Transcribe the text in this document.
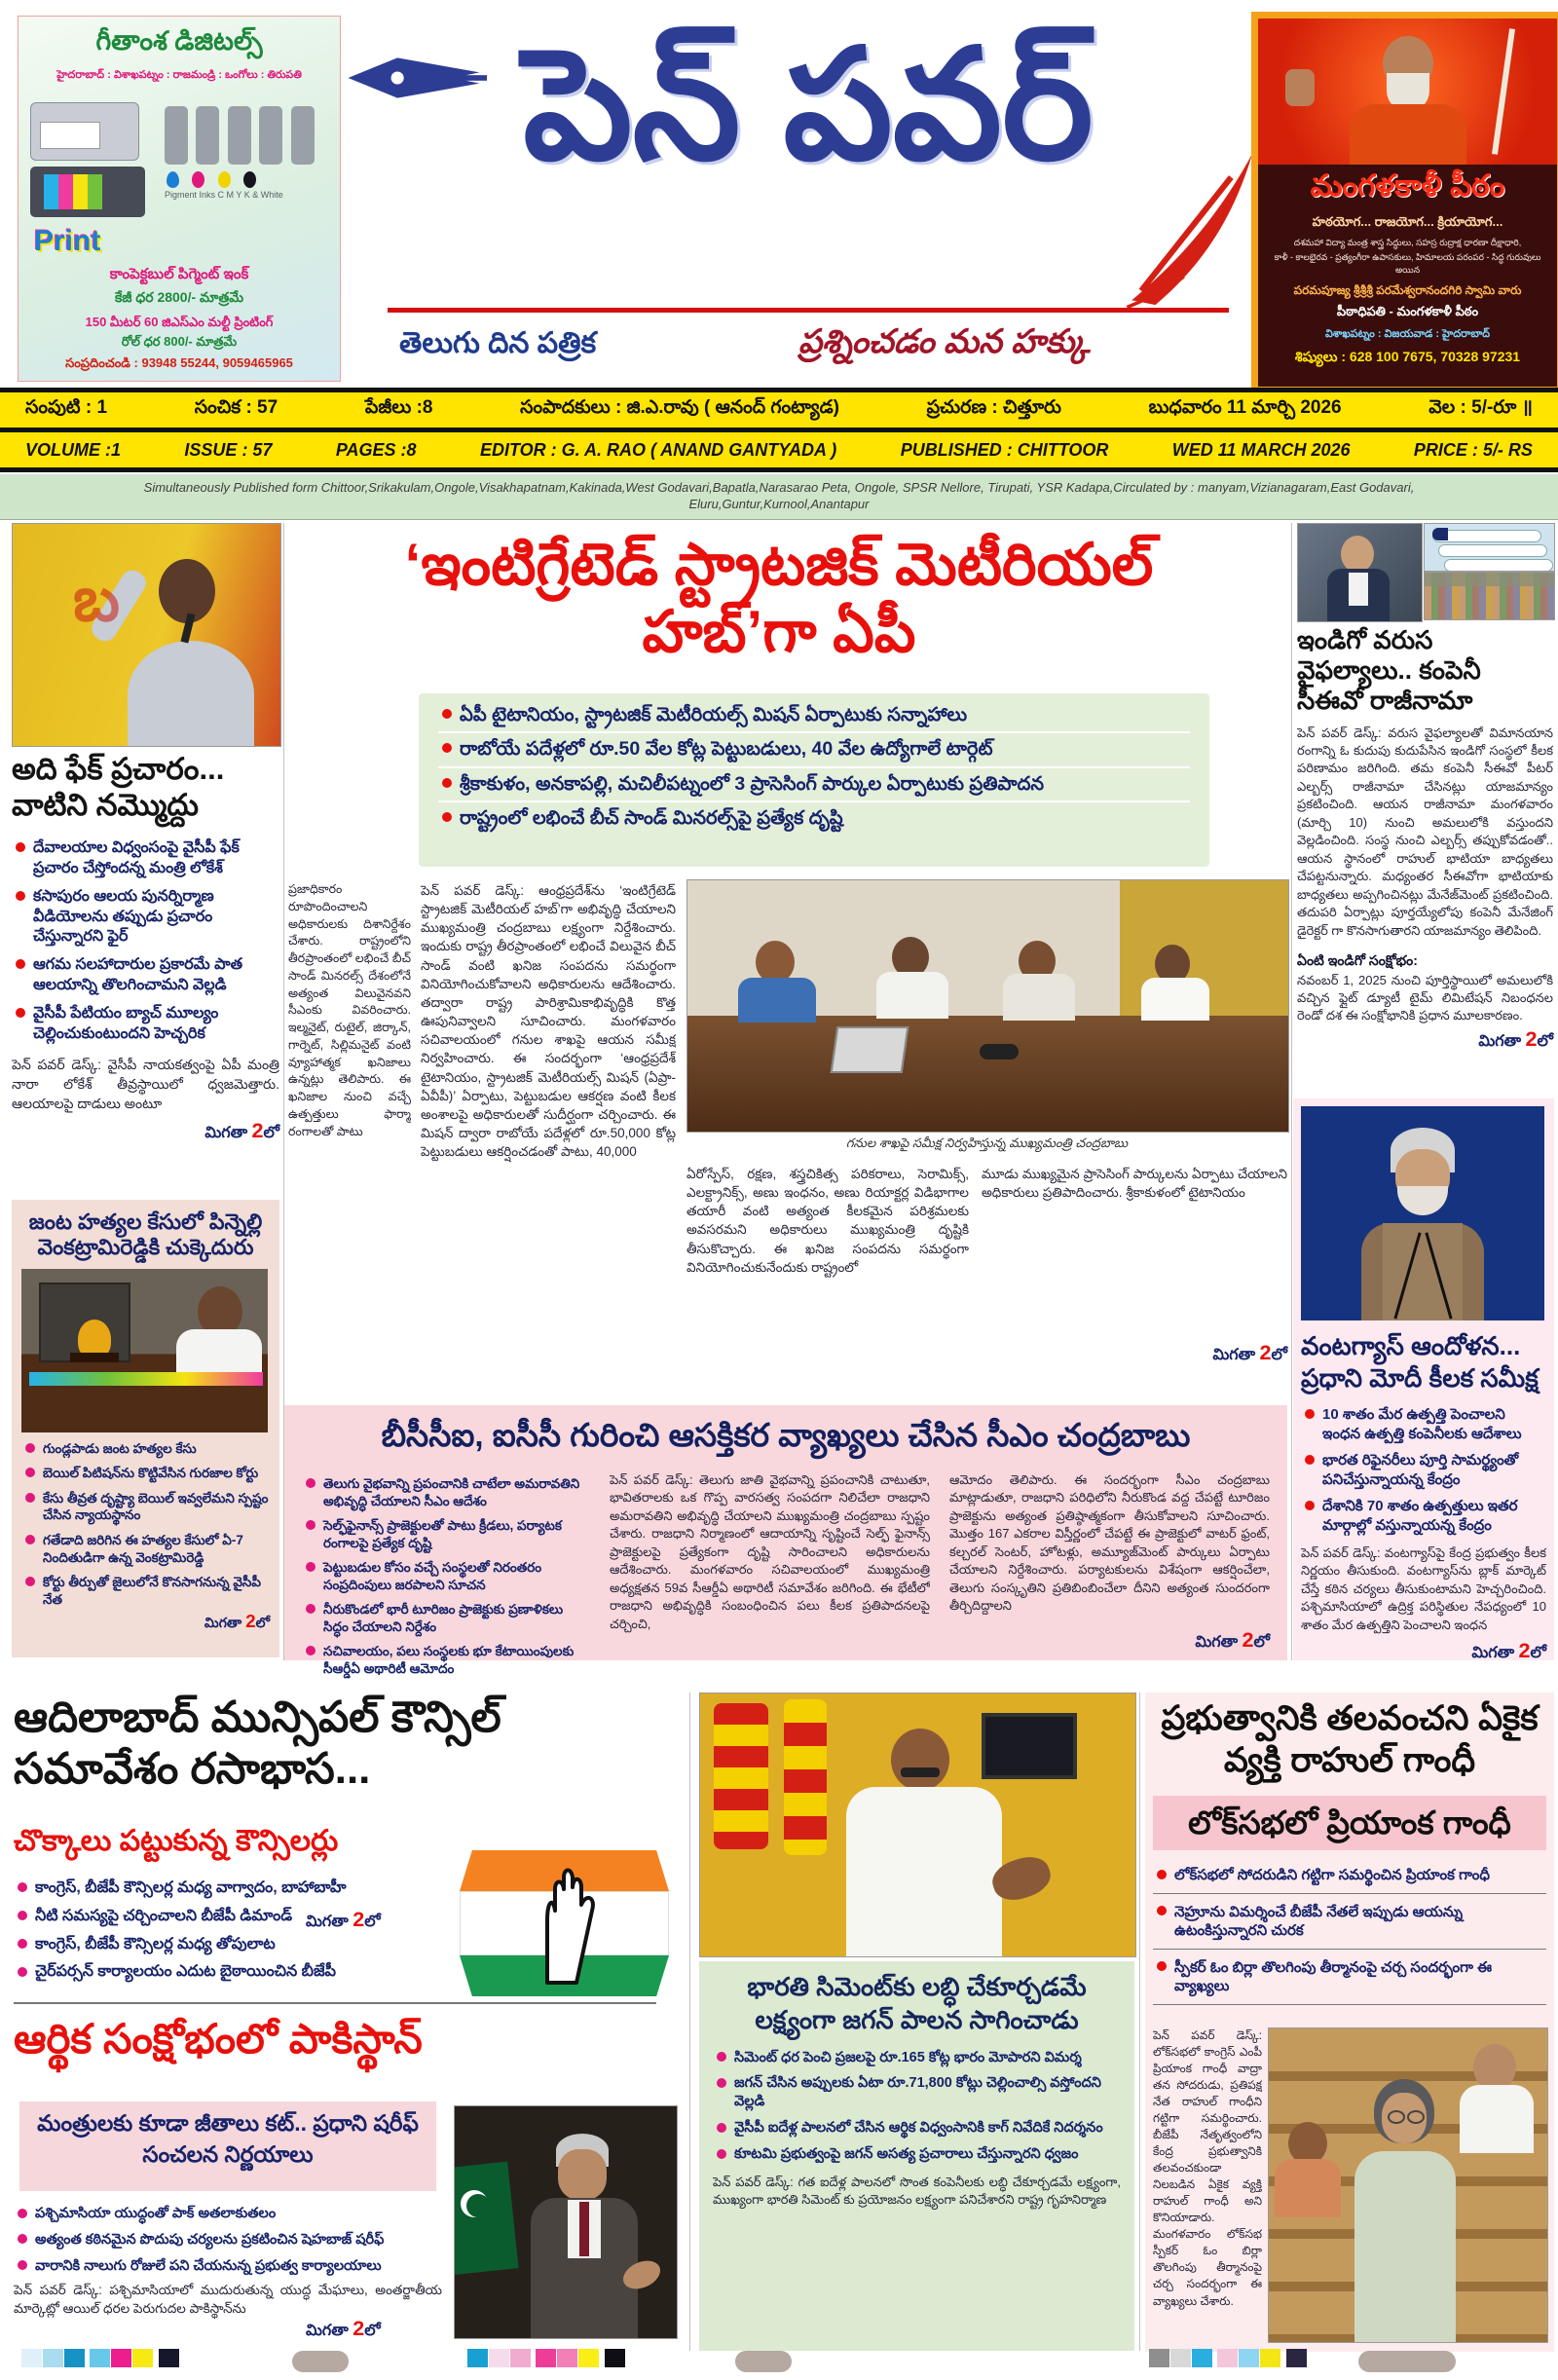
గీతాంశ డిజిటల్స్
హైదరాబాద్ : విశాఖపట్నం : రాజమండ్రి : ఒంగోలు : తిరుపతి

Pigment Inks C M Y K & White
Print
కాంపెక్టబుల్ పిగ్మెంట్ ఇంక్
కేజీ ధర 2800/- మాత్రమే
150 మీటర్ 60 జిఎస్ఎం మల్టీ ప్రింటింగ్
రోల్ ధర 800/- మాత్రమే
సంప్రదించండి : 93948 55244, 9059465965
పెన్ పవర్
తెలుగు దిన పత్రిక	ప్రశ్నించడం మన హక్కు
మంగళకాళీ పీఠం
హఠయోగ... రాజయోగ... క్రియాయోగ...
దశమహా విద్యా మంత్ర శాస్త్ర సిద్ధులు, సహస్ర రుద్రాక్ష ధారణా దీక్షాధారి,
కాళీ - కాలభైరవ - ప్రత్యంగీరా ఉపాసకులు, హిమాలయ పరంపర - సిద్ధ గురువులు అయిన
పరమపూజ్య శ్రీశ్రీశ్రీ పరమేశ్వరానందగిరి స్వామి వారు
పీఠాధిపతి - మంగళకాళీ పీఠం
విశాఖపట్నం : విజయవాడ : హైదరాబాద్
శిష్యులు : 628 100 7675, 70328 97231
సంపుటి : 1	సంచిక : 57	పేజీలు :8	సంపాదకులు : జి.ఎ.రావు ( ఆనంద్ గంట్యాడ)	ప్రచురణ : చిత్తూరు	బుధవారం 11 మార్చి 2026	వెల : 5/-రూ ॥
VOLUME :1	ISSUE : 57	PAGES :8	EDITOR : G. A. RAO ( ANAND GANTYADA )	PUBLISHED : CHITTOOR	WED 11 MARCH 2026	PRICE : 5/- RS

Simultaneously Published form Chittoor,Srikakulam,Ongole,Visakhapatnam,Kakinada,West Godavari,Bapatla,Narasarao Peta, Ongole, SPSR Nellore, Tirupati, YSR Kadapa,Circulated by : manyam,Vizianagaram,East Godavari, Eluru,Guntur,Kurnool,Anantapur

బ
అది ఫేక్ ప్రచారం... వాటిని నమ్మొద్దు
దేవాలయాల విధ్వంసంపై వైసీపీ ఫేక్ ప్రచారం చేస్తోందన్న మంత్రి లోకేశ్
కసాపురం ఆలయ పునర్నిర్మాణ వీడియోలను తప్పుడు ప్రచారం చేస్తున్నారని ఫైర్
ఆగమ సలహాదారుల ప్రకారమే పాత ఆలయాన్ని తొలగించామని వెల్లడి
వైసీపీ పేటియం బ్యాచ్ మూల్యం చెల్లించుకుంటుందని హెచ్చరిక

పెన్ పవర్ డెస్క్: వైసీపీ నాయకత్వంపై ఏపీ మంత్రి నారా లోకేశ్ తీవ్రస్థాయిలో ధ్వజమెత్తారు. ఆలయాలపై దాడులు అంటూ

మిగతా 2లో

జంట హత్యల కేసులో పిన్నెల్లి వెంకట్రామిరెడ్డికి చుక్కెదురు
గుండ్లపాడు జంట హత్యల కేసు
బెయిల్ పిటిషన్‌ను కొట్టివేసిన గురజాల కోర్టు
కేసు తీవ్రత దృష్ట్యా బెయిల్ ఇవ్వలేమని స్పష్టం చేసిన న్యాయస్థానం
గతేడాది జరిగిన ఈ హత్యల కేసులో ఏ-7 నిందితుడిగా ఉన్న వెంకట్రామిరెడ్డి
కోర్టు తీర్పుతో జైలులోనే కొనసాగనున్న వైసీపీ నేత

మిగతా 2లో

‘ఇంటిగ్రేటెడ్ స్ట్రాటజిక్ మెటీరియల్ హబ్’గా ఏపీ
ఏపీ టైటానియం, స్ట్రాటజిక్ మెటీరియల్స్ మిషన్ ఏర్పాటుకు సన్నాహాలు
రాబోయే పదేళ్లలో రూ.50 వేల కోట్ల పెట్టుబడులు, 40 వేల ఉద్యోగాలే టార్గెట్
శ్రీకాకుళం, అనకాపల్లి, మచిలీపట్నంలో 3 ప్రాసెసింగ్ పార్కుల ఏర్పాటుకు ప్రతిపాదన
రాష్ట్రంలో లభించే బీచ్ సాండ్ మినరల్స్‌పై ప్రత్యేక దృష్టి
గనుల శాఖపై సమీక్ష నిర్వహిస్తున్న ముఖ్యమంత్రి చంద్రబాబు

ప్రజాధికారం రూపొందించాలని అధికారులకు దిశానిర్దేశం చేశారు. రాష్ట్రంలోని తీరప్రాంతంలో లభించే బీచ్ సాండ్ మినరల్స్ దేశంలోనే అత్యంత విలువైనవని సీఎంకు వివరించారు. ఇల్మనైట్, రుటైల్, జిర్కాన్, గార్నెట్, సిల్లిమనైట్ వంటి వ్యూహాత్మక ఖనిజాలు ఉన్నట్లు తెలిపారు. ఈ ఖనిజాల నుంచి వచ్చే ఉత్పత్తులు ఫార్మా రంగాలతో పాటు

పెన్ పవర్ డెస్క్: ఆంధ్రప్రదేశ్‌ను ‘ఇంటిగ్రేటెడ్ స్ట్రాటజిక్ మెటీరియల్ హబ్’గా అభివృద్ధి చేయాలని ముఖ్యమంత్రి చంద్రబాబు లక్ష్యంగా నిర్దేశించారు. ఇందుకు రాష్ట్ర తీరప్రాంతంలో లభించే విలువైన బీచ్ సాండ్ వంటి ఖనిజ సంపదను సమర్థంగా వినియోగించుకోవాలని అధికారులను ఆదేశించారు. తద్వారా రాష్ట్ర పారిశ్రామికాభివృద్ధికి కొత్త ఊపునివ్వాలని సూచించారు. మంగళవారం సచివాలయంలో గనుల శాఖపై ఆయన సమీక్ష నిర్వహించారు. ఈ సందర్భంగా ‘ఆంధ్రప్రదేశ్ టైటానియం, స్ట్రాటజిక్ మెటీరియల్స్ మిషన్ (ఏప్రా-ఏవీపీ)’ ఏర్పాటు, పెట్టుబడుల ఆకర్షణ వంటి కీలక అంశాలపై అధికారులతో సుదీర్ఘంగా చర్చించారు. ఈ మిషన్ ద్వారా రాబోయే పదేళ్లలో రూ.50,000 కోట్ల పెట్టుబడులు ఆకర్షించడంతో పాటు, 40,000

ఏరోస్పేస్, రక్షణ, శస్త్రచికిత్స పరికరాలు, సెరామిక్స్, ఎలక్ట్రానిక్స్, అణు ఇంధనం, అణు రియాక్టర్ల విడిభాగాల తయారీ వంటి అత్యంత కీలకమైన పరిశ్రమలకు అవసరమని అధికారులు ముఖ్యమంత్రి దృష్టికి తీసుకొచ్చారు. ఈ ఖనిజ సంపదను సమర్థంగా వినియోగించుకునేందుకు రాష్ట్రంలో

మూడు ముఖ్యమైన ప్రాసెసింగ్ పార్కులను ఏర్పాటు చేయాలని అధికారులు ప్రతిపాదించారు. శ్రీకాకుళంలో టైటానియం

మిగతా 2లో

బీసీసీఐ, ఐసీసీ గురించి ఆసక్తికర వ్యాఖ్యలు చేసిన సీఎం చంద్రబాబు
తెలుగు వైభవాన్ని ప్రపంచానికి చాటేలా అమరావతిని అభివృద్ధి చేయాలని సీఎం ఆదేశం
సెల్ఫ్‌ఫైనాన్స్ ప్రాజెక్టులతో పాటు క్రీడలు, పర్యాటక రంగాలపై ప్రత్యేక దృష్టి
పెట్టుబడుల కోసం వచ్చే సంస్థలతో నిరంతరం సంప్రదింపులు జరపాలని సూచన
నీరుకొండలో భారీ టూరిజం ప్రాజెక్టుకు ప్రణాళికలు సిద్ధం చేయాలని నిర్దేశం
సచివాలయం, పలు సంస్థలకు భూ కేటాయింపులకు సీఆర్డీఏ అథారిటీ ఆమోదం

పెన్ పవర్ డెస్క్: తెలుగు జాతి వైభవాన్ని ప్రపంచానికి చాటుతూ, భావితరాలకు ఒక గొప్ప వారసత్వ సంపదగా నిలిచేలా రాజధాని అమరావతిని అభివృద్ధి చేయాలని ముఖ్యమంత్రి చంద్రబాబు స్పష్టం చేశారు. రాజధాని నిర్మాణంలో ఆదాయాన్ని సృష్టించే సెల్ఫ్ ఫైనాన్స్ ప్రాజెక్టులపై ప్రత్యేకంగా దృష్టి సారించాలని అధికారులను ఆదేశించారు. మంగళవారం సచివాలయంలో ముఖ్యమంత్రి అధ్యక్షతన 59వ సీఆర్డీఏ అథారిటీ సమావేశం జరిగింది. ఈ భేటీలో రాజధాని అభివృద్ధికి సంబంధించిన పలు కీలక ప్రతిపాదనలపై చర్చించి,

ఆమోదం తెలిపారు. ఈ సందర్భంగా సీఎం చంద్రబాబు మాట్లాడుతూ, రాజధాని పరిధిలోని నీరుకొండ వద్ద చేపట్టే టూరిజం ప్రాజెక్టును అత్యంత ప్రతిష్ఠాత్మకంగా తీసుకోవాలని సూచించారు. మొత్తం 167 ఎకరాల విస్తీర్ణంలో చేపట్టే ఈ ప్రాజెక్టులో వాటర్ ఫ్రంట్, కల్చరల్ సెంటర్, హోటళ్లు, అమ్యూజ్‌మెంట్ పార్కులు ఏర్పాటు చేయాలని నిర్దేశించారు. పర్యాటకులను విశేషంగా ఆకర్షించేలా, తెలుగు సంస్కృతిని ప్రతిబింబించేలా దీనిని అత్యంత సుందరంగా తీర్చిదిద్దాలని

మిగతా 2లో

ఇండిగో వరుస వైఫల్యాలు.. కంపెనీ సీఈవో రాజీనామా

పెన్ పవర్ డెస్క్: వరుస వైఫల్యాలతో విమానయాన రంగాన్ని ఓ కుదుపు కుదుపేసిన ఇండిగో సంస్థలో కీలక పరిణామం జరిగింది. తమ కంపెనీ సీఈవో పీటర్ ఎల్బర్స్ రాజీనామా చేసినట్లు యాజమాన్యం ప్రకటించింది. ఆయన రాజీనామా మంగళవారం (మార్చి 10) నుంచి అమలులోకి వస్తుందని వెల్లడించింది. సంస్థ నుంచి ఎల్బర్స్ తప్పుకోవడంతో.. ఆయన స్థానంలో రాహుల్ భాటియా బాధ్యతలు చేపట్టనున్నారు. మధ్యంతర సీఈవోగా భాటియాకు బాధ్యతలు అప్పగించినట్లు మేనేజ్‌మెంట్ ప్రకటించింది. తదుపరి ఏర్పాట్లు పూర్తయ్యేలోపు కంపెనీ మేనేజింగ్ డైరెక్టర్ గా కొనసాగుతారని యాజమాన్యం తెలిపింది.

ఏంటి ఇండిగో సంక్షోభం:

నవంబర్ 1, 2025 నుంచి పూర్తిస్థాయిలో అమలులోకి వచ్చిన ఫ్లైట్ డ్యూటీ టైమ్ లిమిటేషన్ నిబంధనల రెండో దశ ఈ సంక్షోభానికి ప్రధాన మూలకారణం.

మిగతా 2లో

వంటగ్యాస్ ఆందోళన... ప్రధాని మోదీ కీలక సమీక్ష
10 శాతం మేర ఉత్పత్తి పెంచాలని ఇంధన ఉత్పత్తి కంపెనీలకు ఆదేశాలు
భారత రిఫైనరీలు పూర్తి సామర్థ్యంతో పనిచేస్తున్నాయన్న కేంద్రం
దేశానికి 70 శాతం ఉత్పత్తులు ఇతర మార్గాల్లో వస్తున్నాయన్న కేంద్రం

పెన్ పవర్ డెస్క్: వంటగ్యాస్‌పై కేంద్ర ప్రభుత్వం కీలక నిర్ణయం తీసుకుంది. వంటగ్యాస్‌ను బ్లాక్ మార్కెట్ చేస్తే కఠిన చర్యలు తీసుకుంటామని హెచ్చరించింది. పశ్చిమాసియాలో ఉద్రిక్త పరిస్థితుల నేపధ్యంలో 10 శాతం మేర ఉత్పత్తిని పెంచాలని ఇంధన

మిగతా 2లో

ఆదిలాబాద్ మున్సిపల్ కౌన్సిల్ సమావేశం రసాభాస...
చొక్కాలు పట్టుకున్న కౌన్సిలర్లు
కాంగ్రెస్, బీజేపీ కౌన్సిలర్ల మధ్య వాగ్వాదం, బాహాబాహీ
నీటి సమస్యపై చర్చించాలని బీజేపీ డిమాండ్
కాంగ్రెస్, బీజేపీ కౌన్సిలర్ల మధ్య తోపులాట
చైర్‌పర్సన్ కార్యాలయం ఎదుట బైఠాయించిన బీజేపీ

మిగతా 2లో

ఆర్థిక సంక్షోభంలో పాకిస్థాన్
మంత్రులకు కూడా జీతాలు కట్.. ప్రధాని షరీఫ్ సంచలన నిర్ణయాలు
పశ్చిమాసియా యుద్ధంతో పాక్ అతలాకుతలం
అత్యంత కఠినమైన పొదుపు చర్యలను ప్రకటించిన షెహబాజ్ షరీఫ్
వారానికి నాలుగు రోజులే పని చేయనున్న ప్రభుత్వ కార్యాలయాలు

పెన్ పవర్ డెస్క్: పశ్చిమాసియాలో ముదురుతున్న యుద్ధ మేఘాలు, అంతర్జాతీయ మార్కెట్లో ఆయిల్ ధరల పెరుగుదల పాకిస్థాన్‌ను

మిగతా 2లో

భారతి సిమెంట్‌కు లబ్ధి చేకూర్చడమే లక్ష్యంగా జగన్ పాలన సాగించాడు
సిమెంట్ ధర పెంచి ప్రజలపై రూ.165 కోట్ల భారం మోపారని విమర్శ
జగన్ చేసిన అప్పులకు ఏటా రూ.71,800 కోట్లు చెల్లించాల్సి వస్తోందని వెల్లడి
వైసీపీ ఐదేళ్ల పాలనలో చేసిన ఆర్థిక విధ్వంసానికి కాగ్ నివేదికే నిదర్శనం
కూటమి ప్రభుత్వంపై జగన్ అసత్య ప్రచారాలు చేస్తున్నారని ధ్వజం

పెన్ పవర్ డెస్క్: గత ఐదేళ్ల పాలనలో సొంత కంపెనీలకు లబ్ధి చేకూర్చడమే లక్ష్యంగా, ముఖ్యంగా భారతి సిమెంట్ కు ప్రయోజనం లక్ష్యంగా పనిచేశారని రాష్ట్ర గృహనిర్మాణ

ప్రభుత్వానికి తలవంచని ఏకైక వ్యక్తి రాహుల్ గాంధీ
లోక్‌సభలో ప్రియాంక గాంధీ
లోక్‌సభలో సోదరుడిని గట్టిగా సమర్థించిన ప్రియాంక గాంధీ
నెహ్రూను విమర్శించే బీజేపీ నేతలే ఇప్పుడు ఆయన్ను ఉటంకిస్తున్నారని చురక
స్పీకర్ ఓం బిర్లా తొలగింపు తీర్మానంపై చర్చ సందర్భంగా ఈ వ్యాఖ్యలు

పెన్ పవర్ డెస్క్: లోక్‌సభలో కాంగ్రెస్ ఎంపీ ప్రియాంక గాంధీ వాద్రా తన సోదరుడు, ప్రతిపక్ష నేత రాహుల్ గాంధీని గట్టిగా సమర్థించారు. బీజేపీ నేతృత్వంలోని కేంద్ర ప్రభుత్వానికి తలవంచకుండా నిలబడిన ఏకైక వ్యక్తి రాహుల్ గాంధీ అని కొనియాడారు. మంగళవారం లోక్‌సభ స్పీకర్ ఓం బిర్లా తొలగింపు తీర్మానంపై చర్చ సందర్భంగా ఈ వ్యాఖ్యలు చేశారు.
